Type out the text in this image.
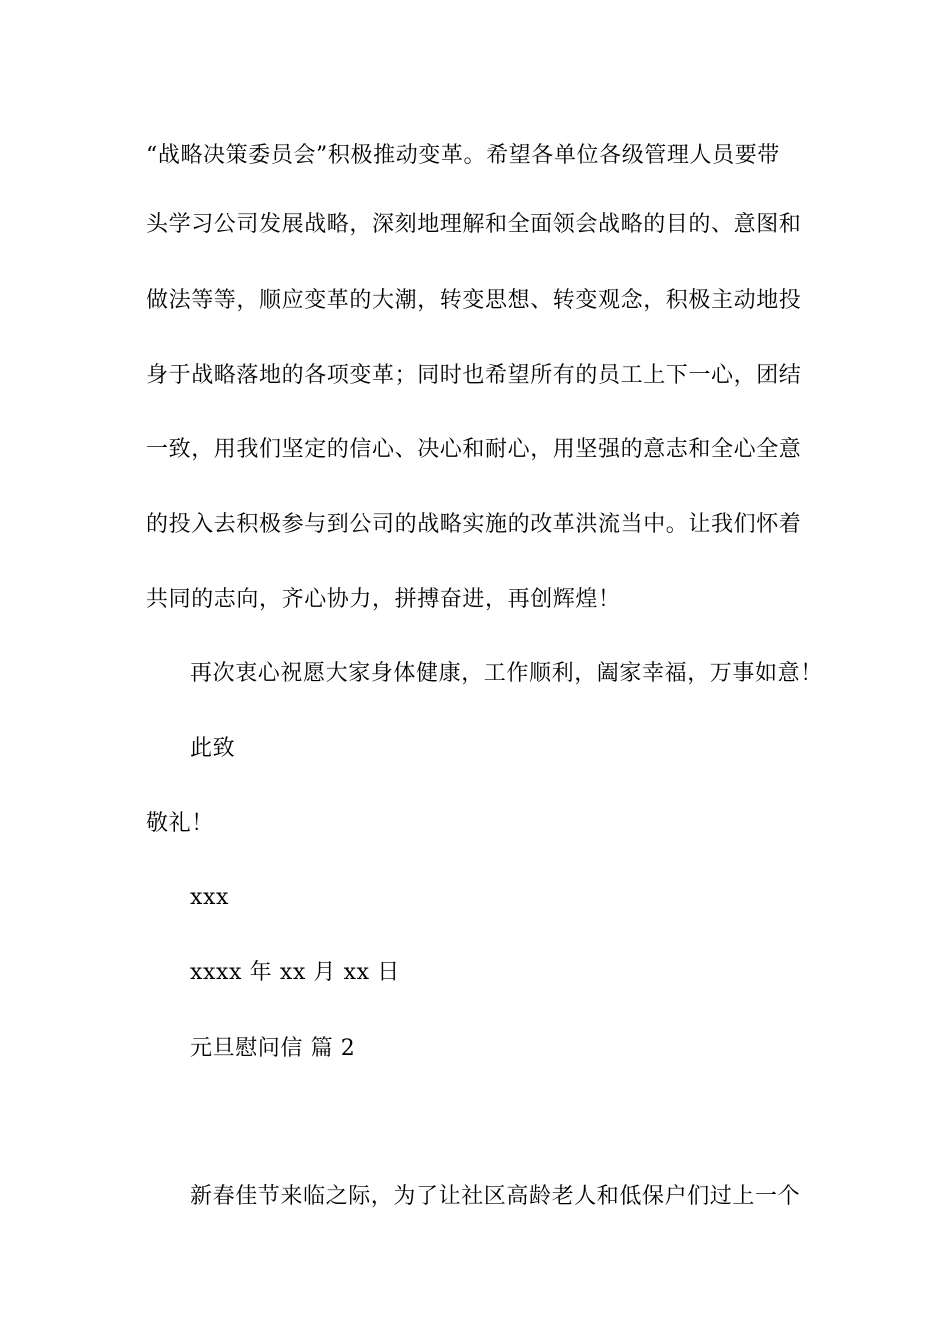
“战略决策委员会”积极推动变革。希望各单位各级管理人员要带
头学习公司发展战略，深刻地理解和全面领会战略的目的、意图和
做法等等，顺应变革的大潮，转变思想、转变观念，积极主动地投
身于战略落地的各项变革；同时也希望所有的员工上下一心，团结
一致，用我们坚定的信心、决心和耐心，用坚强的意志和全心全意
的投入去积极参与到公司的战略实施的改革洪流当中。让我们怀着
共同的志向，齐心协力，拼搏奋进，再创辉煌！
再次衷心祝愿大家身体健康，工作顺利，阖家幸福，万事如意！
此致
敬礼！
xxx
xxxx 年 xx 月 xx 日
元旦慰问信 篇 2
新春佳节来临之际，为了让社区高龄老人和低保户们过上一个
